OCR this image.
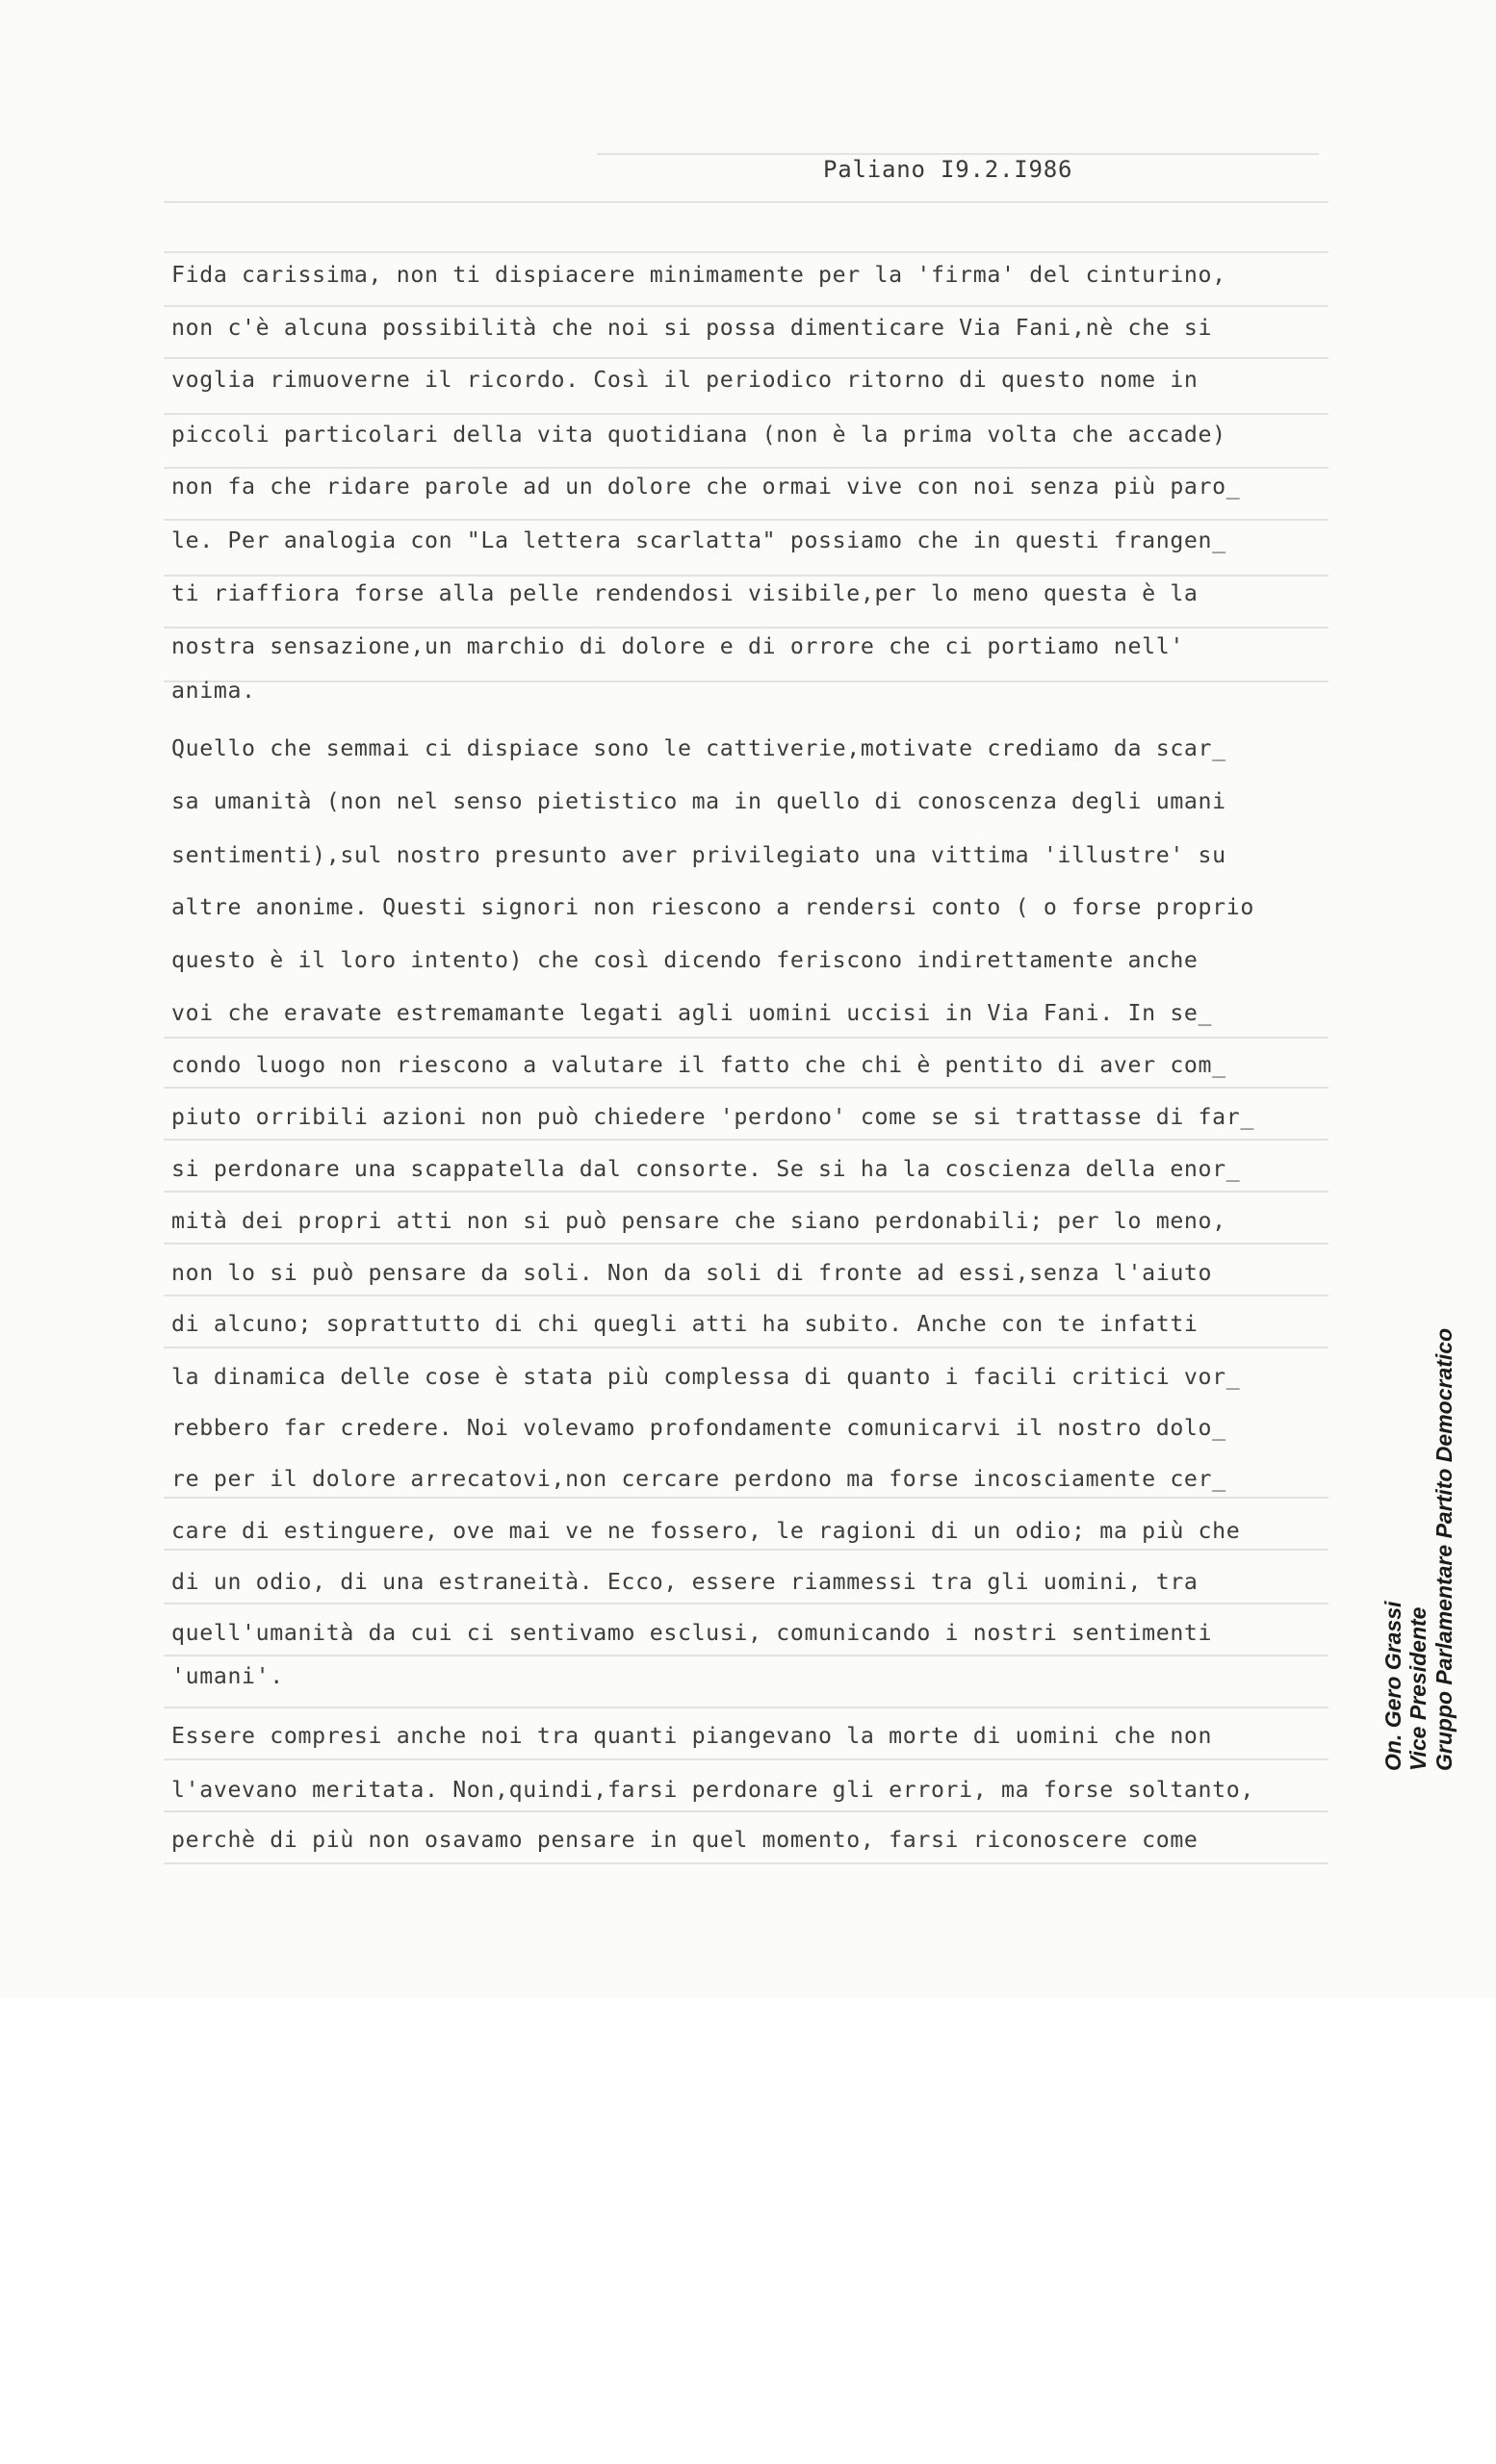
Paliano I9.2.I986
Fida carissima, non ti dispiacere minimamente per la 'firma' del cinturino,
non c'è alcuna possibilità che noi si possa dimenticare Via Fani,nè che si
voglia rimuoverne il ricordo. Così il periodico ritorno di questo nome in
piccoli particolari della vita quotidiana (non è la prima volta che accade)
non fa che ridare parole ad un dolore che ormai vive con noi senza più paro_
le. Per analogia con "La lettera scarlatta" possiamo che in questi frangen_
ti riaffiora forse alla pelle rendendosi visibile,per lo meno questa è la
nostra sensazione,un marchio di dolore e di orrore che ci portiamo nell'
anima.
Quello che semmai ci dispiace sono le cattiverie,motivate crediamo da scar_
sa umanità (non nel senso pietistico ma in quello di conoscenza degli umani
sentimenti),sul nostro presunto aver privilegiato una vittima 'illustre' su
altre anonime. Questi signori non riescono a rendersi conto ( o forse proprio
questo è il loro intento) che così dicendo feriscono indirettamente anche
voi che eravate estremamante legati agli uomini uccisi in Via Fani. In se_
condo luogo non riescono a valutare il fatto che chi è pentito di aver com_
piuto orribili azioni non può chiedere 'perdono' come se si trattasse di far_
si perdonare una scappatella dal consorte. Se si ha la coscienza della enor_
mità dei propri atti non si può pensare che siano perdonabili; per lo meno,
non lo si può pensare da soli. Non da soli di fronte ad essi,senza l'aiuto
di alcuno; soprattutto di chi quegli atti ha subito. Anche con te infatti
la dinamica delle cose è stata più complessa di quanto i facili critici vor_
rebbero far credere. Noi volevamo profondamente comunicarvi il nostro dolo_
re per il dolore arrecatovi,non cercare perdono ma forse incosciamente cer_
care di estinguere, ove mai ve ne fossero, le ragioni di un odio; ma più che
di un odio, di una estraneità. Ecco, essere riammessi tra gli uomini, tra
quell'umanità da cui ci sentivamo esclusi, comunicando i nostri sentimenti
'umani'.
Essere compresi anche noi tra quanti piangevano la morte di uomini che non
l'avevano meritata. Non,quindi,farsi perdonare gli errori, ma forse soltanto,
perchè di più non osavamo pensare in quel momento, farsi riconoscere come
On. Gero Grassi Vice Presidente Gruppo Parlamentare Partito Democratico
